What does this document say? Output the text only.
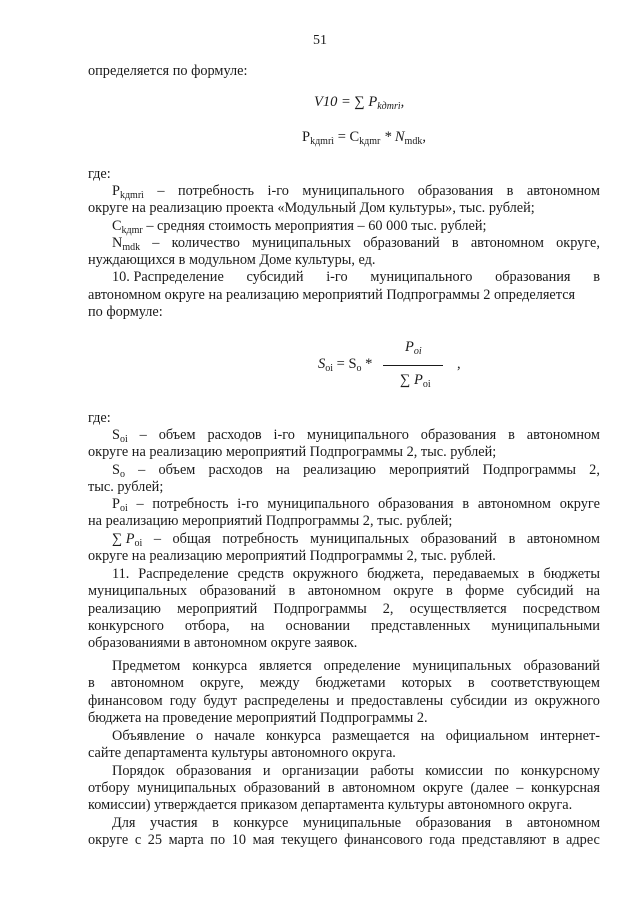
51
определяется по формуле:
V10 = ∑ $P_{kдmrì}$,
$P_{kдmrì} = C_{kдmr} * N_{mdk}$,
где:
$P_{kдmrì}$ – потребность і-го муниципального образования в автономном
округе на реализацию проекта «Модульный Дом культуры», тыс. рублей;
$C_{kдmr}$ – средняя стоимость мероприятия – 60 000 тыс. рублей;
$N_{mdk}$ – количество муниципальных образований в автономном округе,
нуждающихся в модульном Доме культуры, ед.
10. Распределение субсидий і-го муниципального образования в
автономном округе на реализацию мероприятий Подпрограммы 2 определяется
по формуле:
$S_{oi} = S_o$ *
$P_{oi}$
∑ $P_{oi}$
,
где:
$S_{oi}$ – объем расходов і-го муниципального образования в автономном
округе на реализацию мероприятий Подпрограммы 2, тыс. рублей;
$S_o$ – объем расходов на реализацию мероприятий Подпрограммы 2,
тыс. рублей;
$P_{oi}$ – потребность і-го муниципального образования в автономном округе
на реализацию мероприятий Подпрограммы 2, тыс. рублей;
∑ $P_{oi}$ – общая потребность муниципальных образований в автономном
округе на реализацию мероприятий Подпрограммы 2, тыс. рублей.
11. Распределение средств окружного бюджета, передаваемых в бюджеты
муниципальных образований в автономном округе в форме субсидий на
реализацию мероприятий Подпрограммы 2, осуществляется посредством
конкурсного отбора, на основании представленных муниципальными
образованиями в автономном округе заявок.
Предметом конкурса является определение муниципальных образований
в автономном округе, между бюджетами которых в соответствующем
финансовом году будут распределены и предоставлены субсидии из окружного
бюджета на проведение мероприятий Подпрограммы 2.
Объявление о начале конкурса размещается на официальном интернет-
сайте департамента культуры автономного округа.
Порядок образования и организации работы комиссии по конкурсному
отбору муниципальных образований в автономном округе (далее – конкурсная
комиссии) утверждается приказом департамента культуры автономного округа.
Для участия в конкурсе муниципальные образования в автономном
округе с 25 марта по 10 мая текущего финансового года представляют в адрес
